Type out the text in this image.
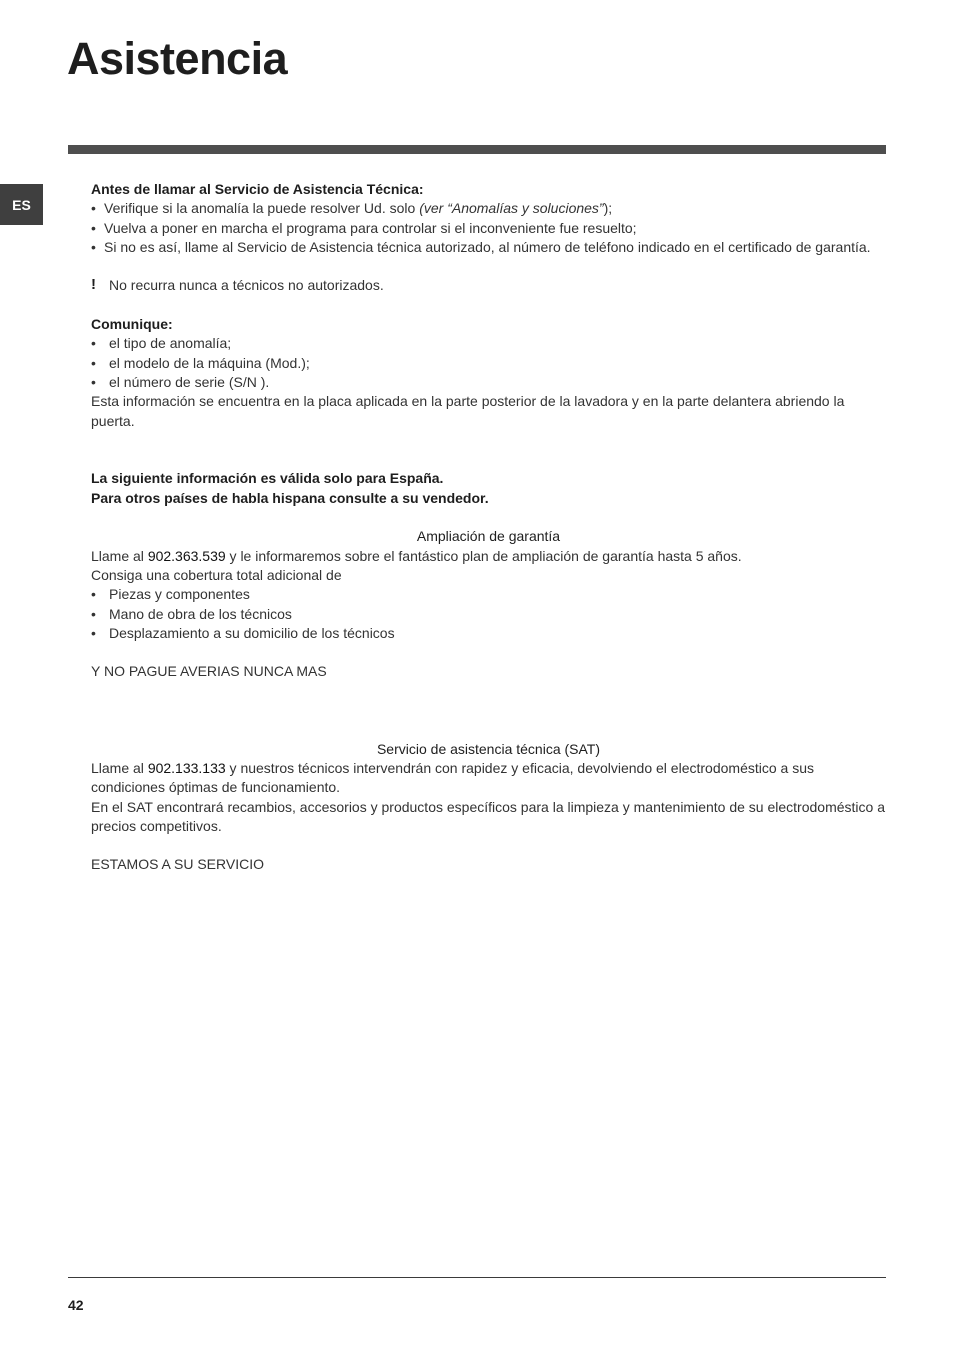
Asistencia
ES

Antes de llamar al Servicio de Asistencia Técnica:

• Verifique si la anomalía la puede resolver Ud. solo (ver “Anomalías y soluciones”);
• Vuelva a poner en marcha el programa para controlar si el inconveniente fue resuelto;
• Si no es así, llame al Servicio de Asistencia técnica autorizado, al número de teléfono indicado en el certificado de garantía.

! No recurra nunca a técnicos no autorizados.

Comunique:

• el tipo de anomalía;
• el modelo de la máquina (Mod.);
• el número de serie (S/N ).

Esta información se encuentra en la placa aplicada en la parte posterior de la lavadora y en la parte delantera abriendo la puerta.

La siguiente información es válida solo para España.

Para otros países de habla hispana consulte a su vendedor.

Ampliación de garantía

Llame al 902.363.539 y le informaremos sobre el fantástico plan de ampliación de garantía hasta 5 años.

Consiga una cobertura total adicional de

• Piezas y componentes
• Mano de obra de los técnicos
• Desplazamiento a su domicilio de los técnicos

Y NO PAGUE AVERIAS NUNCA MAS

Servicio de asistencia técnica (SAT)

Llame al 902.133.133 y nuestros técnicos intervendrán con rapidez y eficacia, devolviendo el electrodoméstico a sus condiciones óptimas de funcionamiento.

En el SAT encontrará recambios, accesorios y productos específicos para la limpieza y mantenimiento de su electrodoméstico a precios competitivos.

ESTAMOS A SU SERVICIO

42
